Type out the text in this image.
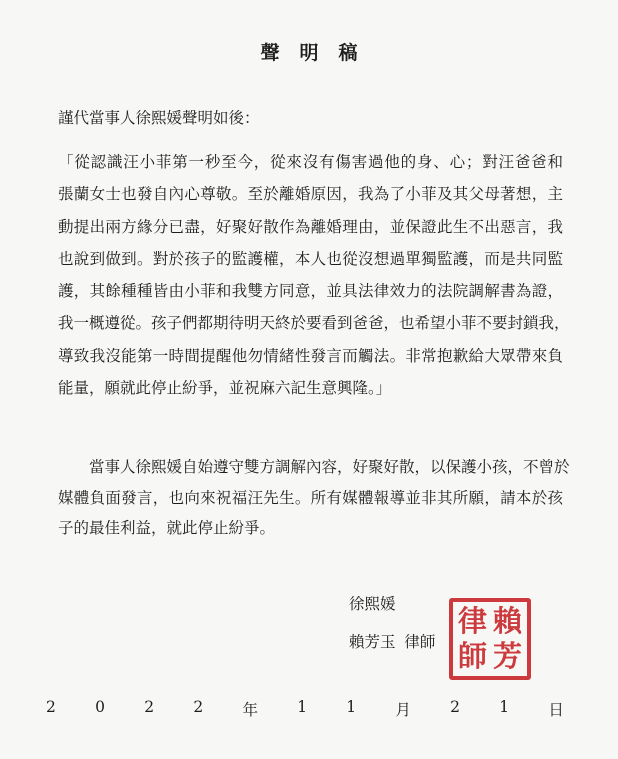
聲明稿
謹代當事人徐熙媛聲明如後：
「從認識汪小菲第一秒至今，從來沒有傷害過他的身、心；對汪爸爸和
張蘭女士也發自內心尊敬。至於離婚原因，我為了小菲及其父母著想，主
動提出兩方緣分已盡，好聚好散作為離婚理由，並保證此生不出惡言，我
也說到做到。對於孩子的監護權，本人也從沒想過單獨監護，而是共同監
護，其餘種種皆由小菲和我雙方同意，並具法律效力的法院調解書為證，
我一概遵從。孩子們都期待明天終於要看到爸爸，也希望小菲不要封鎖我，
導致我沒能第一時間提醒他勿情緒性發言而觸法。非常抱歉給大眾帶來負
能量，願就此停止紛爭，並祝麻六記生意興隆。」
　　當事人徐熙媛自始遵守雙方調解內容，好聚好散，以保護小孩，不曾於
媒體負面發言，也向來祝福汪先生。所有媒體報導並非其所願，請本於孩
子的最佳利益，就此停止紛爭。
徐熙媛
賴芳玉 律師
律 賴
師 芳
2	0	2	2	年	1	1	月	2	1	日
